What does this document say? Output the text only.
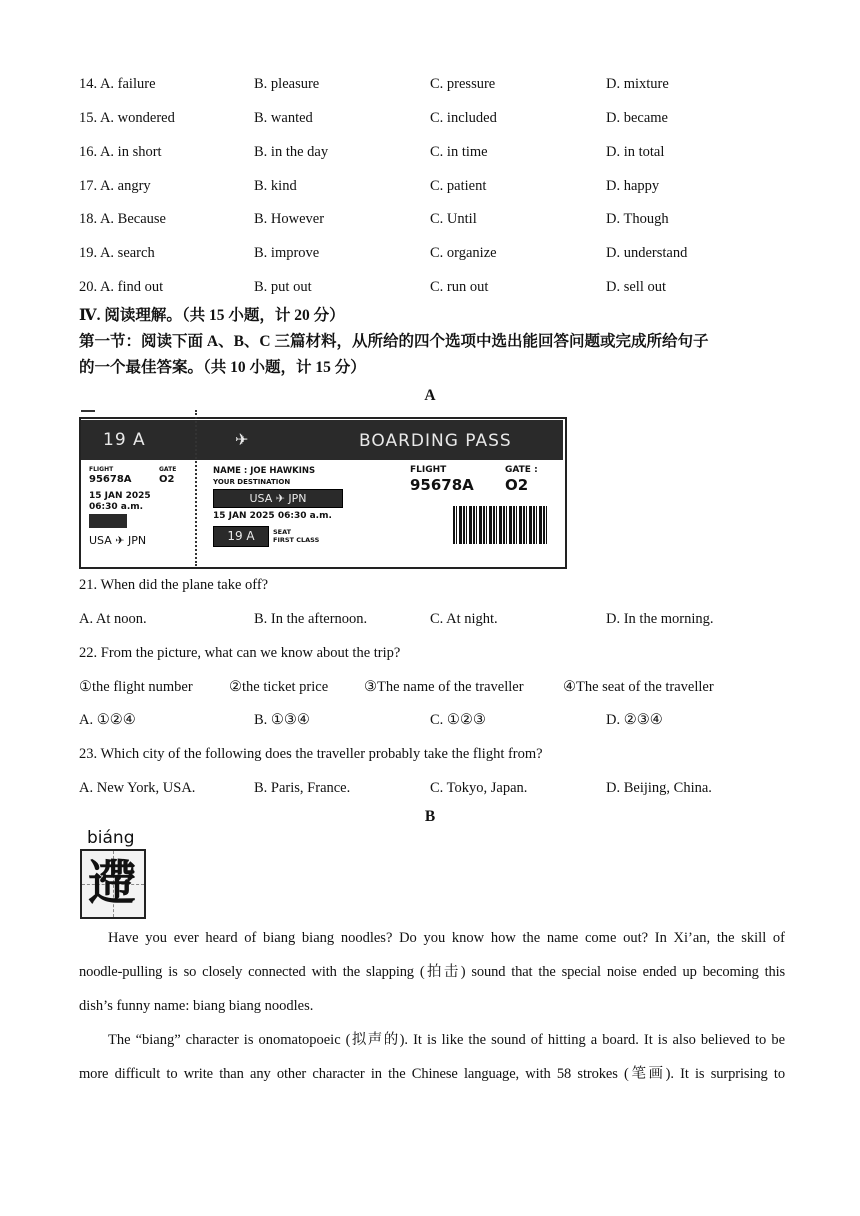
14. A. failure	B. pleasure	C. pressure	D. mixture
15. A. wondered	B. wanted	C. included	D. became
16. A. in short	B. in the day	C. in time	D. in total
17. A. angry	B. kind	C. patient	D. happy
18. A. Because	B. However	C. Until	D. Though
19. A. search	B. improve	C. organize	D. understand
20. A. find out	B. put out	C. run out	D. sell out
Ⅳ. 阅读理解。（共 15 小题，计 20 分）
第一节：阅读下面 A、B、C 三篇材料，从所给的四个选项中选出能回答问题或完成所给句子
的一个最佳答案。（共 10 小题，计 15 分）
A
19 A	✈	BOARDING PASS
FLIGHT	GATE
95678A	O2
15 JAN 2025
06:30 a.m.
USA ✈ JPN
NAME : JOE HAWKINS
YOUR DESTINATION
USA ✈ JPN
15 JAN 2025 06:30 a.m.
19 A	SEAT
FIRST CLASS
FLIGHT	GATE :
95678A O2
21. When did the plane take off?
A. At noon.	B. In the afternoon.	C. At night.	D. In the morning.
22. From the picture, what can we know about the trip?
①the flight number	②the ticket price ③The name of the traveller	④The seat of the traveller
A. ①②④	B. ①③④	C. ①②③	D. ②③④
23. Which city of the following does the traveller probably take the flight from?
A. New York, USA.	B. Paris, France.	C. Tokyo, Japan.	D. Beijing, China.
B
biáng
遰
Have you ever heard of biang biang noodles? Do you know how the name come out? In Xi’an, the skill of
noodle-pulling is so closely connected with the slapping (拍击) sound that the special noise ended up becoming this
dish’s funny name: biang biang noodles.
The “biang” character is onomatopoeic (拟声的). It is like the sound of hitting a board. It is also believed to be
more difficult to write than any other character in the Chinese language, with 58 strokes (笔画). It is surprising to
